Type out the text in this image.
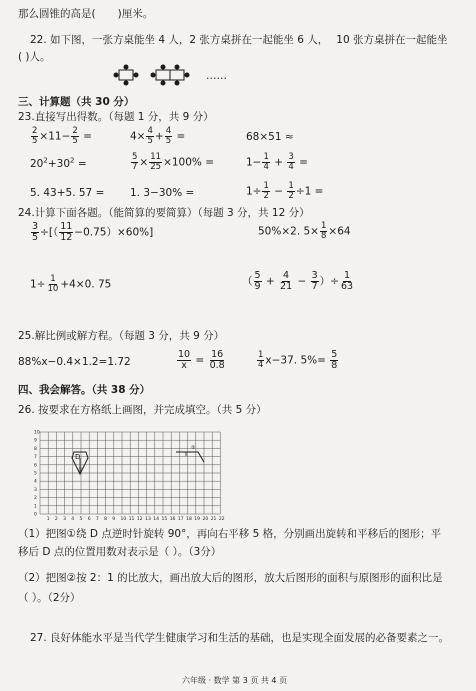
那么圆锥的高是( )厘米。
22. 如下图，一张方桌能坐 4 人，2 张方桌拼在一起能坐 6 人， 10 张方桌拼在一起能坐
( )人。
……
三、计算题（共 30 分）
23.直接写出得数。（每题 1 分，共 9 分）
$\frac{2}{5} \times 11- \frac{2}{5}$ =	$4\times \frac{4}{5} + \frac{4}{5}$ =	68×51 ≈
$20^2+30^2$ =	$\frac{5}{7} \times \frac{11}{25} \times 100\%$ =	$1- \frac{1}{4} + \frac{3}{4}$ =
5. 43+5. 57 = 1. 3−30% =	$1\div \frac{1}{2} - \frac{1}{2} \div 1$ =
24.计算下面各题。（能简算的要简算）（每题 3 分，共 12 分）
$\frac{3}{5}$ ÷[（ $\frac{11}{12} -0.75)\times 60\%$]	50%×2. $5\times \frac{1}{8} \times 64$
$1\div \frac{1}{10} +4\times 0$. 75	（ $\frac{5}{9} + \frac{4}{21} - \frac{3}{7}$ ）÷ $\frac{1}{63}$
25.解比例或解方程。（每题 3 分，共 9 分）
88%x−0.4×1.2=1.72	$\frac{10}{x} = \frac{16}{0.8}$	$\frac{1}{4} x-37$. $5\%= \frac{5}{8}$
四、我会解答。（共 38 分）
26. 按要求在方格纸上画图，并完成填空。（共 5 分）
10
9
8
7
6
5
4
3
2
1
0
1 2 3 4 5 6 7 8 9 10 11 12 13 14 15 16 17 18 19 20 21 22
D
①
②
（1）把图①绕 D 点逆时针旋转 90°，再向右平移 5 格，分别画出旋转和平移后的图形；平
移后 D 点的位置用数对表示是（ ）。（3分）
（2）把图②按 2：1 的比放大，画出放大后的图形，放大后图形的面积与原图形的面积比是
（ ）。（2分）
27. 良好体能水平是当代学生健康学习和生活的基础，也是实现全面发展的必备要素之一。
六年级 · 数学 第 3 页 共 4 页
